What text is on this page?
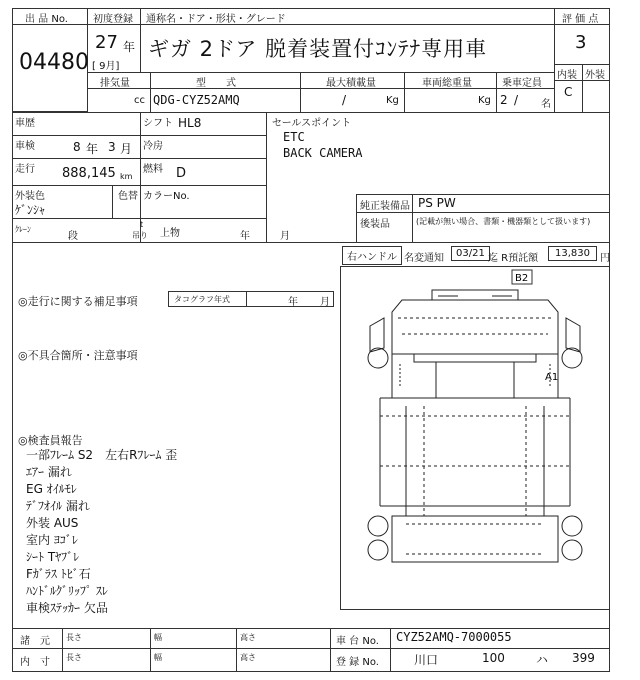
出 品 No.
04480
初度登録 通称名・ドア・形状・グレード
27 年
[ 9月]
ギガ 2ドア 脱着装置付ｺﾝﾃﾅ専用車
評 価 点
3
内装 外装
C
排気量	型　　式	最大積載量	車両総重量	乗車定員
cc QDG-CYZ52AMQ	/	Kg	Kg 2 / 名
車歴	シフト HL8
車検	8 年 3 月 冷房
走行 888,145 km
燃料 D
外装色
ｹﾞﾝｼｬ
色替 カラーNo.
ｸﾚｰﾝ
段
t
吊り 上物	年	月
セールスポイント
ETC
BACK CAMERA
純正装備品 PS PW
後装品	(記載が無い場合、書類・機器類として扱います)
右ハンドル 名変通知	03/21 迄 R預託額	13,830	円
◎走行に関する補足事項	タコグラフ年式	年 月
◎不具合箇所・注意事項
◎検査員報告
一部ﾌﾚｰﾑ S2　左右Rﾌﾚｰﾑ 歪
ｴｱｰ 漏れ
EG ｵｲﾙﾓﾚ
ﾃﾞﾌｵｲﾙ 漏れ
外装 AUS
室内 ﾖｺﾞﾚ
ｼｰﾄ Tﾔﾌﾞﾚ
Fｶﾞﾗｽ ﾄﾋﾞ石
ﾊﾝﾄﾞﾙｸﾞﾘｯﾌﾟ ｽﾚ
車検ｽﾃｯｶｰ 欠品
B2
A1
諸　元
内　寸
長さ	幅	高さ
長さ	幅	高さ
車 台 No. CYZ52AMQ-7000055
登 録 No.	川口	100	ハ 399
